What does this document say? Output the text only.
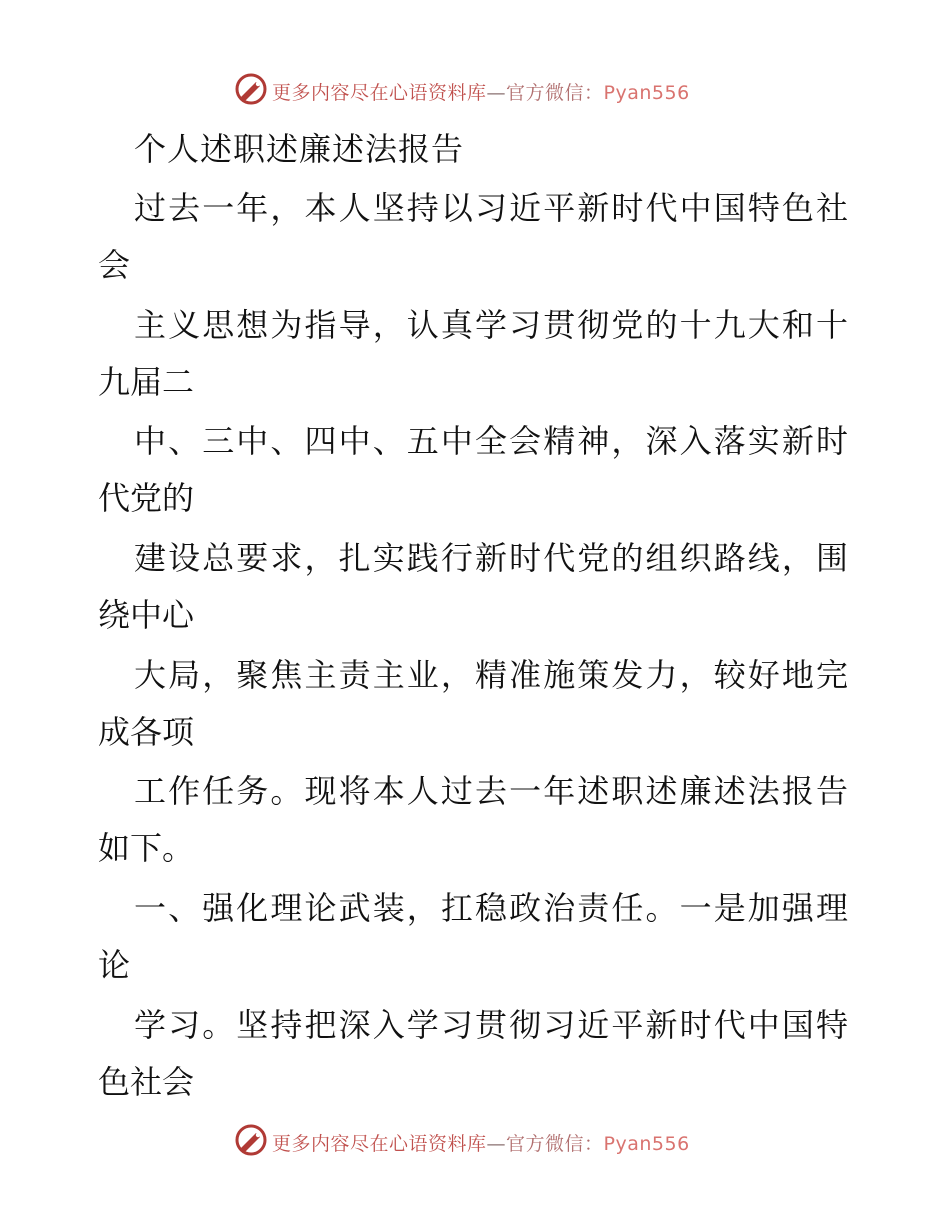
更多内容尽在心语资料库—官方微信：Pyan556
个人述职述廉述法报告
过去一年，本人坚持以习近平新时代中国特色社
会
主义思想为指导，认真学习贯彻党的十九大和十
九届二
中、三中、四中、五中全会精神，深入落实新时
代党的
建设总要求，扎实践行新时代党的组织路线，围
绕中心
大局，聚焦主责主业，精准施策发力，较好地完
成各项
工作任务。现将本人过去一年述职述廉述法报告
如下。
一、强化理论武装，扛稳政治责任。一是加强理
论
学习。坚持把深入学习贯彻习近平新时代中国特
色社会
更多内容尽在心语资料库—官方微信：Pyan556
